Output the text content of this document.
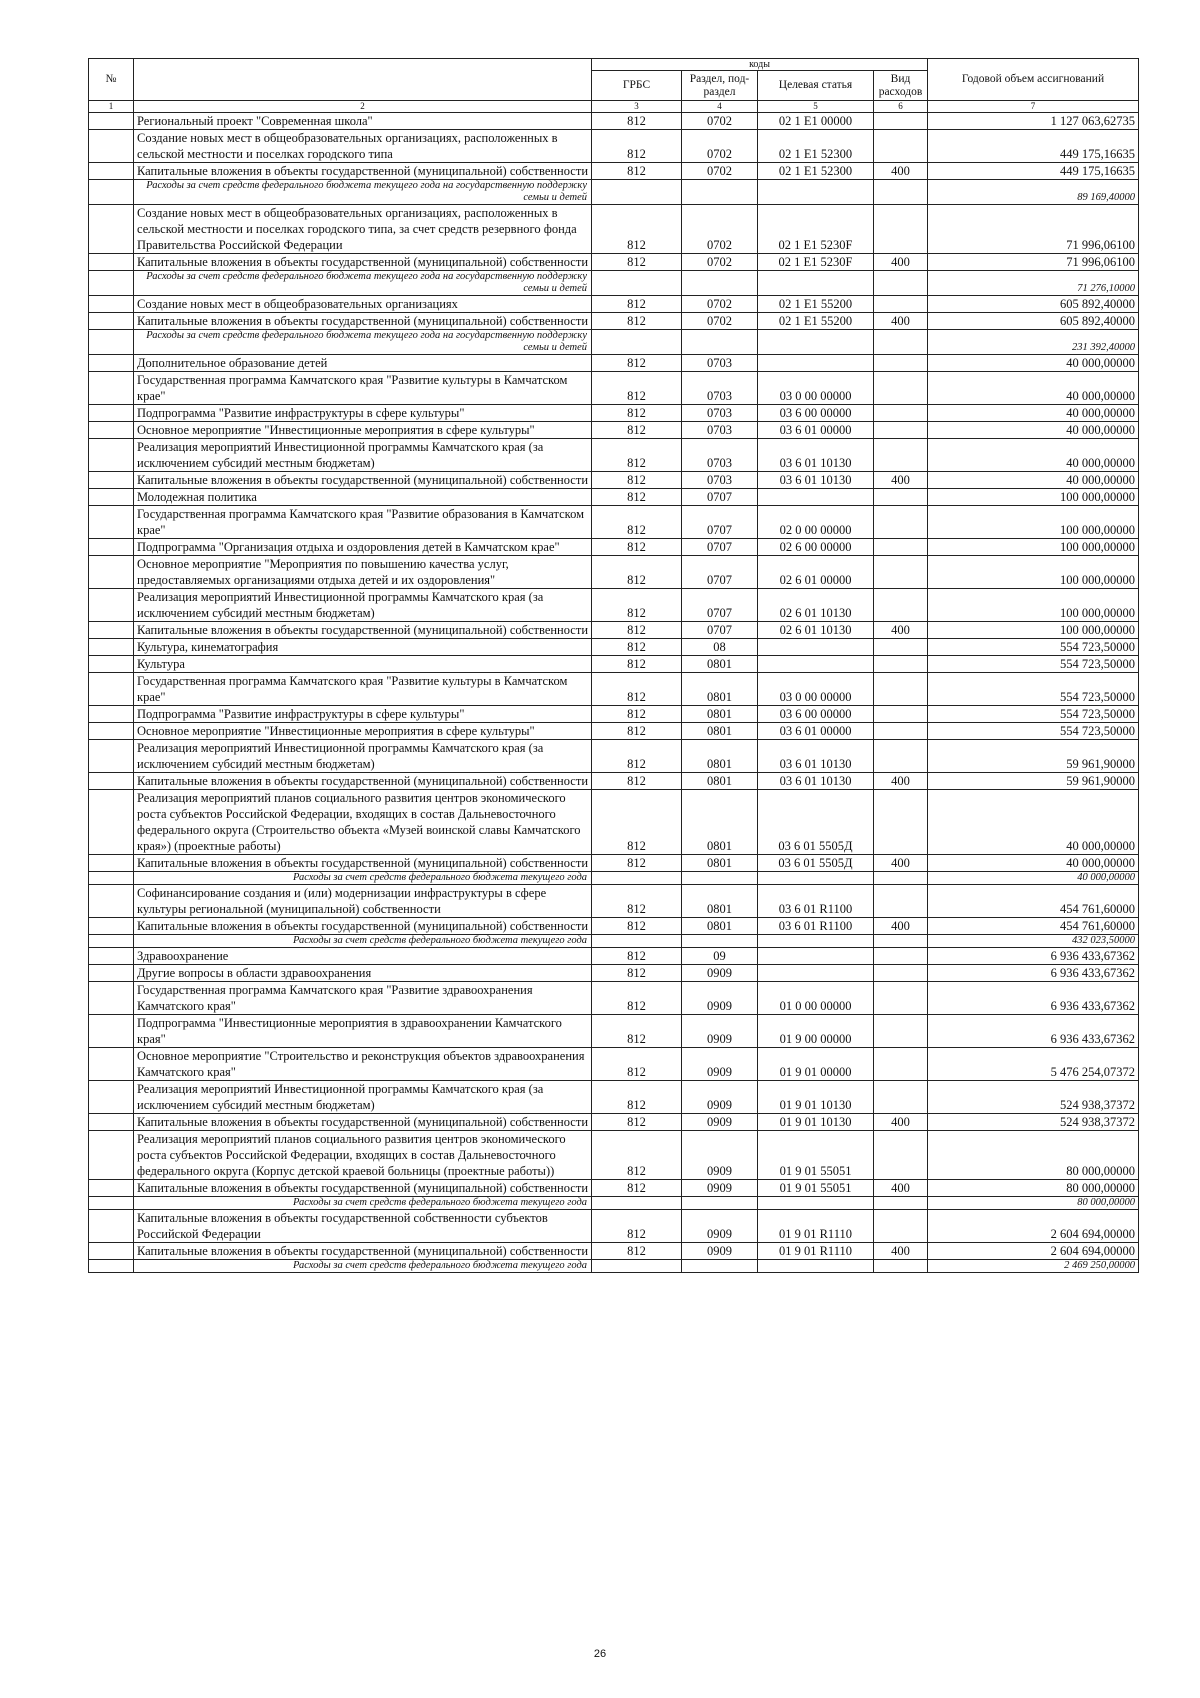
№		коды				Годовой объем ассигнований
		ГРБС	Раздел, под-раздел	Целевая статья	Вид расходов	
1	2	3	4	5	6	7
	Региональный проект "Современная школа"	812	0702	02 1 E1 00000		1 127 063,62735
	Создание новых мест в общеобразовательных организациях, расположенных в сельской местности и поселках городского типа	812	0702	02 1 E1 52300		449 175,16635
	Капитальные вложения в объекты государственной (муниципальной) собственности	812	0702	02 1 E1 52300	400	449 175,16635
	Расходы за счет средств федерального бюджета текущего года на государственную поддержку семьи и детей					89 169,40000
	Создание новых мест в общеобразовательных организациях, расположенных в сельской местности и поселках городского типа, за счет средств резервного фонда Правительства Российской Федерации	812	0702	02 1 E1 5230F		71 996,06100
	Капитальные вложения в объекты государственной (муниципальной) собственности	812	0702	02 1 E1 5230F	400	71 996,06100
	Расходы за счет средств федерального бюджета текущего года на государственную поддержку семьи и детей					71 276,10000
	Создание новых мест в общеобразовательных организациях	812	0702	02 1 E1 55200		605 892,40000
	Капитальные вложения в объекты государственной (муниципальной) собственности	812	0702	02 1 E1 55200	400	605 892,40000
	Расходы за счет средств федерального бюджета текущего года на государственную поддержку семьи и детей					231 392,40000
	Дополнительное образование детей	812	0703			40 000,00000
	Государственная программа Камчатского края "Развитие культуры в Камчатском крае"	812	0703	03 0 00 00000		40 000,00000
	Подпрограмма "Развитие инфраструктуры в сфере культуры"	812	0703	03 6 00 00000		40 000,00000
	Основное мероприятие "Инвестиционные мероприятия в сфере культуры"	812	0703	03 6 01 00000		40 000,00000
	Реализация мероприятий Инвестиционной программы Камчатского края (за исключением субсидий местным бюджетам)	812	0703	03 6 01 10130		40 000,00000
	Капитальные вложения в объекты государственной (муниципальной) собственности	812	0703	03 6 01 10130	400	40 000,00000
	Молодежная политика	812	0707			100 000,00000
	Государственная программа Камчатского края "Развитие образования в Камчатском крае"	812	0707	02 0 00 00000		100 000,00000
	Подпрограмма "Организация отдыха и оздоровления детей в Камчатском крае"	812	0707	02 6 00 00000		100 000,00000
	Основное мероприятие "Мероприятия по повышению качества услуг, предоставляемых организациями отдыха детей и их оздоровления"	812	0707	02 6 01 00000		100 000,00000
	Реализация мероприятий Инвестиционной программы Камчатского края (за исключением субсидий местным бюджетам)	812	0707	02 6 01 10130		100 000,00000
	Капитальные вложения в объекты государственной (муниципальной) собственности	812	0707	02 6 01 10130	400	100 000,00000
	Культура, кинематография	812	08			554 723,50000
	Культура	812	0801			554 723,50000
	Государственная программа Камчатского края "Развитие культуры в Камчатском крае"	812	0801	03 0 00 00000		554 723,50000
	Подпрограмма "Развитие инфраструктуры в сфере культуры"	812	0801	03 6 00 00000		554 723,50000
	Основное мероприятие "Инвестиционные мероприятия в сфере культуры"	812	0801	03 6 01 00000		554 723,50000
	Реализация мероприятий Инвестиционной программы Камчатского края (за исключением субсидий местным бюджетам)	812	0801	03 6 01 10130		59 961,90000
	Капитальные вложения в объекты государственной (муниципальной) собственности	812	0801	03 6 01 10130	400	59 961,90000
	Реализация мероприятий планов социального развития центров экономического роста субъектов Российской Федерации, входящих в состав Дальневосточного федерального округа (Строительство объекта «Музей воинской славы Камчатского края») (проектные работы)	812	0801	03 6 01 5505Д		40 000,00000
	Капитальные вложения в объекты государственной (муниципальной) собственности	812	0801	03 6 01 5505Д	400	40 000,00000
	Расходы за счет средств федерального бюджета текущего года					40 000,00000
	Софинансирование создания и (или) модернизации инфраструктуры в сфере культуры региональной (муниципальной) собственности	812	0801	03 6 01 R1100		454 761,60000
	Капитальные вложения в объекты государственной (муниципальной) собственности	812	0801	03 6 01 R1100	400	454 761,60000
	Расходы за счет средств федерального бюджета текущего года					432 023,50000
	Здравоохранение	812	09			6 936 433,67362
	Другие вопросы в области здравоохранения	812	0909			6 936 433,67362
	Государственная программа Камчатского края "Развитие здравоохранения Камчатского края"	812	0909	01 0 00 00000		6 936 433,67362
	Подпрограмма "Инвестиционные мероприятия в здравоохранении Камчатского края"	812	0909	01 9 00 00000		6 936 433,67362
	Основное мероприятие "Строительство и реконструкция объектов здравоохранения Камчатского края"	812	0909	01 9 01 00000		5 476 254,07372
	Реализация мероприятий Инвестиционной программы Камчатского края (за исключением субсидий местным бюджетам)	812	0909	01 9 01 10130		524 938,37372
	Капитальные вложения в объекты государственной (муниципальной) собственности	812	0909	01 9 01 10130	400	524 938,37372
	Реализация мероприятий планов социального развития центров экономического роста субъектов Российской Федерации, входящих в состав Дальневосточного федерального округа (Корпус детской краевой больницы (проектные работы))	812	0909	01 9 01 55051		80 000,00000
	Капитальные вложения в объекты государственной (муниципальной) собственности	812	0909	01 9 01 55051	400	80 000,00000
	Расходы за счет средств федерального бюджета текущего года					80 000,00000
	Капитальные вложения в объекты государственной собственности субъектов Российской Федерации	812	0909	01 9 01 R1110		2 604 694,00000
	Капитальные вложения в объекты государственной (муниципальной) собственности	812	0909	01 9 01 R1110	400	2 604 694,00000
	Расходы за счет средств федерального бюджета текущего года					2 469 250,00000
26
